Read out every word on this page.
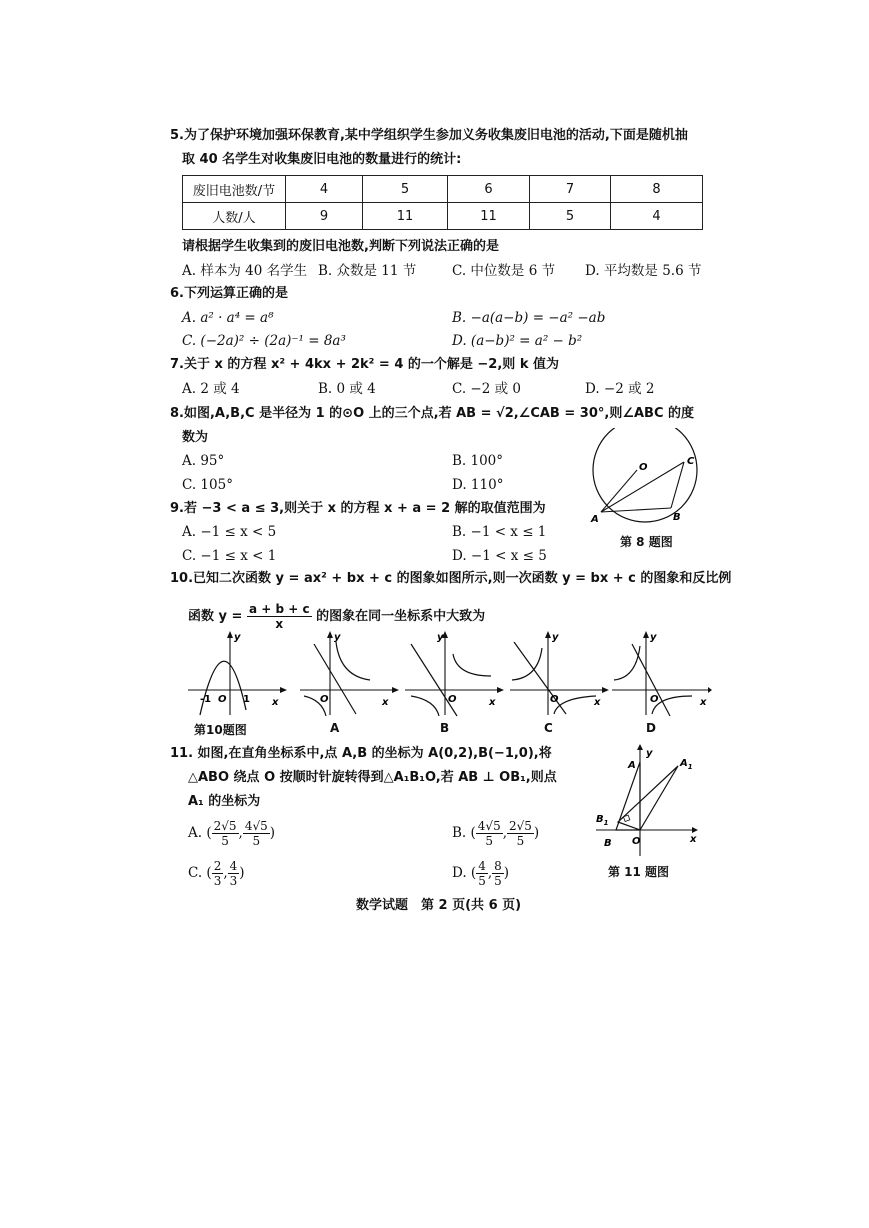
5.为了保护环境加强环保教育,某中学组织学生参加义务收集废旧电池的活动,下面是随机抽
取 40 名学生对收集废旧电池的数量进行的统计:
废旧电池数/节	4	5	6	7	8
人数/人	9	11	11	5	4
请根据学生收集到的废旧电池数,判断下列说法正确的是
A. 样本为 40 名学生 B. 众数是 11 节	C. 中位数是 6 节 D. 平均数是 5.6 节
6.下列运算正确的是
A. a² · a⁴ = a⁸	B. −a(a−b) = −a² −ab
C. (−2a)² ÷ (2a)⁻¹ = 8a³	D. (a−b)² = a² − b²
7.关于 x 的方程 x² + 4kx + 2k² = 4 的一个解是 −2,则 k 值为
A. 2 或 4	B. 0 或 4	C. −2 或 0	D. −2 或 2
8.如图,A,B,C 是半径为 1 的⊙O 上的三个点,若 AB = √2,∠CAB = 30°,则∠ABC 的度
数为
A. 95°	B. 100°
C. 105°	D. 110°
O
A	B
C
第 8 题图
9.若 −3 < a ≤ 3,则关于 x 的方程 x + a = 2 解的取值范围为
A. −1 ≤ x < 5	B. −1 < x ≤ 1
C. −1 ≤ x < 1	D. −1 < x ≤ 5
10.已知二次函数 y = ax² + bx + c 的图象如图所示,则一次函数 y = bx + c 的图象和反比例
函数 $y = \frac{a + b + c}{x}$ 的图象在同一坐标系中大致为
y
x
-1 O 1
第10题图
y
x
O
A
y
x
O
B
y
x
O
C
y
x
O
D
11. 如图,在直角坐标系中,点 A,B 的坐标为 A(0,2),B(−1,0),将
△ABO 绕点 O 按顺时针旋转得到△A₁B₁O,若 AB ⊥ OB₁,则点
A₁ 的坐标为
A. ( $\frac{2√5}{5}$ , $\frac{4√5}{5}$ )	B. ( $\frac{4√5}{5}$ , $\frac{2√5}{5}$ )
C. ( $\frac{2}{3}$ , $\frac{4}{3}$ )	D. ( $\frac{4}{5}$ , $\frac{8}{5}$ )
A
y
$A_1$
$B_1$
B O	x
第 11 题图
数学试题　第 2 页(共 6 页)
